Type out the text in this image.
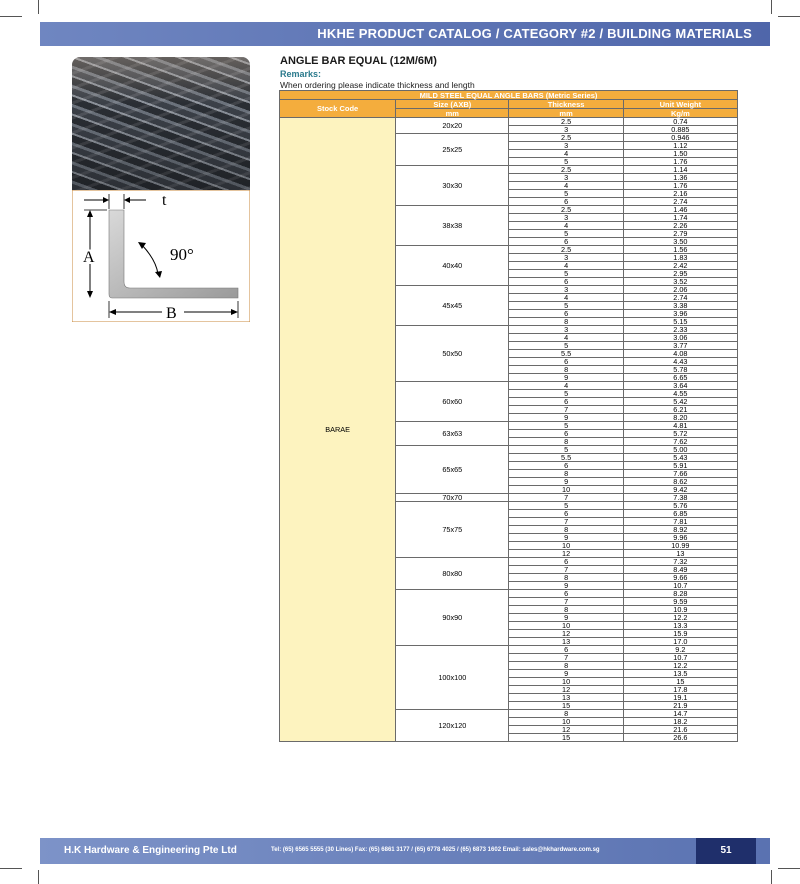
HKHE PRODUCT CATALOG / CATEGORY #2 / BUILDING MATERIALS
t
A	90°
B
ANGLE BAR EQUAL (12M/6M)
Remarks:
When ordering please indicate thickness and length
MILD STEEL EQUAL ANGLE BARS (Metric Series)			
Stock Code	Size (AXB)	Thickness	Unit Weight
	mm	mm	Kg/m
BARAE	20x20	2.5	0.74
		3	0.885
	25x25	2.5	0.946
		3	1.12
		4	1.50
		5	1.76
	30x30	2.5	1.14
		3	1.36
		4	1.76
		5	2.16
		6	2.74
	38x38	2.5	1.46
		3	1.74
		4	2.26
		5	2.79
		6	3.50
	40x40	2.5	1.56
		3	1.83
		4	2.42
		5	2.95
		6	3.52
	45x45	3	2.06
		4	2.74
		5	3.38
		6	3.96
		8	5.15
	50x50	3	2.33
		4	3.06
		5	3.77
		5.5	4.08
		6	4.43
		8	5.78
		9	6.65
	60x60	4	3.64
		5	4.55
		6	5.42
		7	6.21
		9	8.20
	63x63	5	4.81
		6	5.72
		8	7.62
	65x65	5	5.00
		5.5	5.43
		6	5.91
		8	7.66
		9	8.62
		10	9.42
	70x70	7	7.38
	75x75	5	5.76
		6	6.85
		7	7.81
		8	8.92
		9	9.96
		10	10.99
		12	13
	80x80	6	7.32
		7	8.49
		8	9.66
		9	10.7
	90x90	6	8.28
		7	9.59
		8	10.9
		9	12.2
		10	13.3
		12	15.9
		13	17.0
	100x100	6	9.2
		7	10.7
		8	12.2
		9	13.5
		10	15
		12	17.8
		13	19.1
		15	21.9
	120x120	8	14.7
		10	18.2
		12	21.6
		15	26.6
H.K Hardware & Engineering Pte Ltd	Tel: (65) 6565 5555 (30 Lines) Fax: (65) 6861 3177 / (65) 6778 4025 / (65) 6873 1602 Email: sales@hkhardware.com.sg	51
